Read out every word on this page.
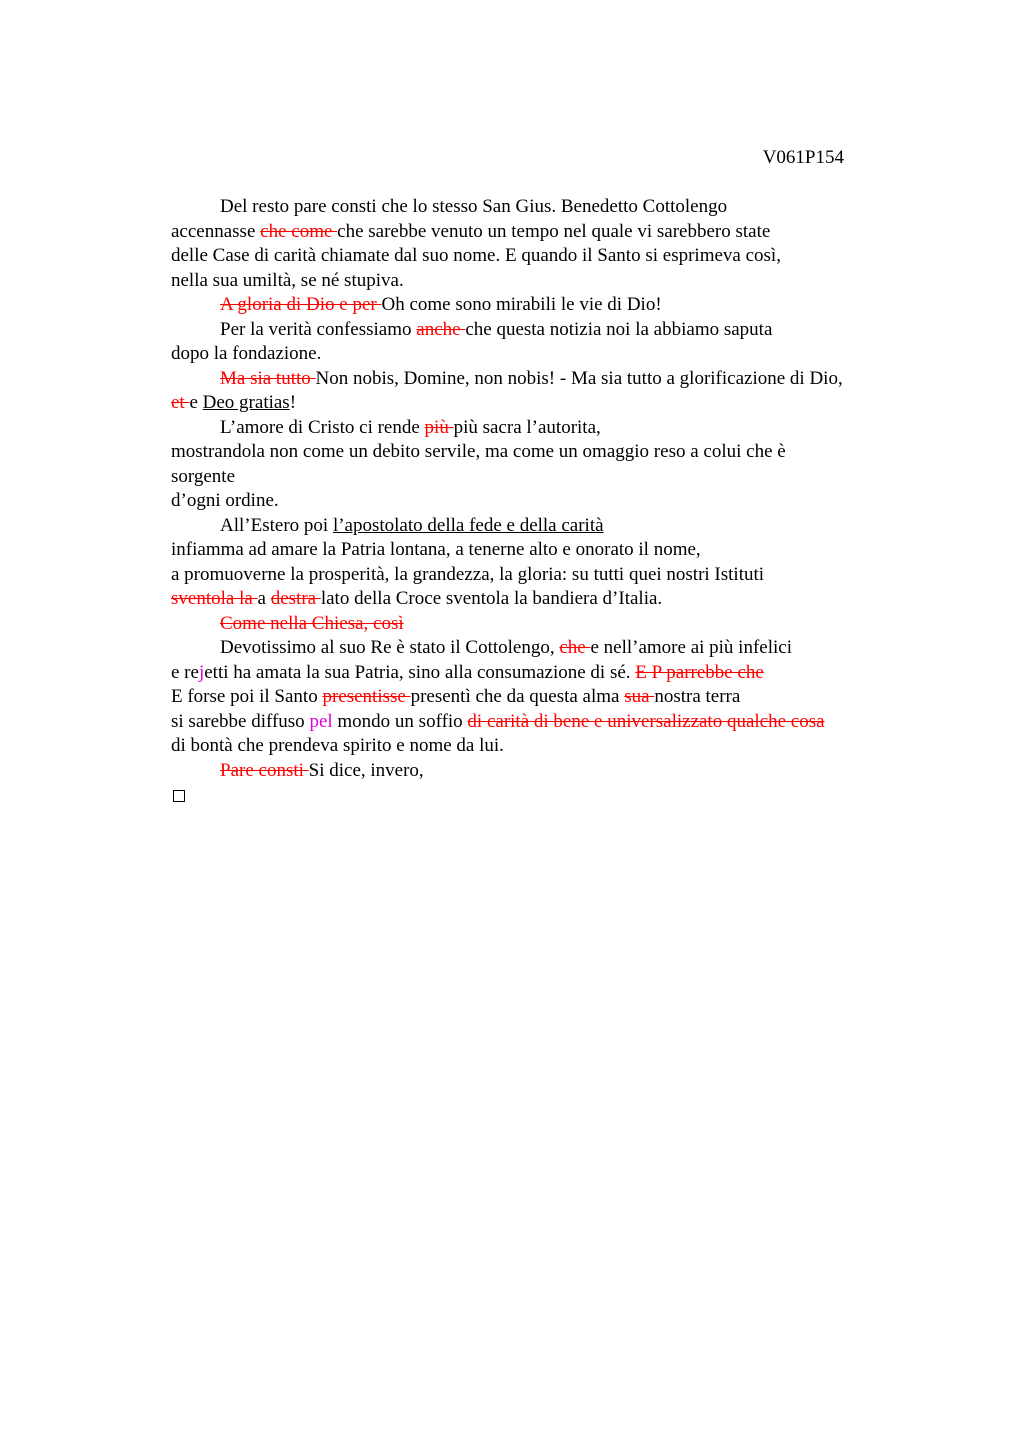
V061P154
Del resto pare consti che lo stesso San Gius. Benedetto Cottolengo
accennasse che come che sarebbe venuto un tempo nel quale vi sarebbero state
delle Case di carità chiamate dal suo nome. E quando il Santo si esprimeva così,
nella sua umiltà, se né stupiva.
A gloria di Dio e per Oh come sono mirabili le vie di Dio!
Per la verità confessiamo anche che questa notizia noi la abbiamo saputa
dopo la fondazione.
Ma sia tutto Non nobis, Domine, non nobis! - Ma sia tutto a glorificazione di Dio,
et e Deo gratias!
L’amore di Cristo ci rende più più sacra l’autorita,
mostrandola non come un debito servile, ma come un omaggio reso a colui che è
sorgente
d’ogni ordine.
All’Estero poi l’apostolato della fede e della carità
infiamma ad amare la Patria lontana, a tenerne alto e onorato il nome,
a promuoverne la prosperità, la grandezza, la gloria: su tutti quei nostri Istituti
sventola la a destra lato della Croce sventola la bandiera d’Italia.
Come nella Chiesa, così
Devotissimo al suo Re è stato il Cottolengo, che e nell’amore ai più infelici
e rejetti ha amata la sua Patria, sino alla consumazione di sé. E P parrebbe che
E forse poi il Santo presentisse presentì che da questa alma sua nostra terra
si sarebbe diffuso pel mondo un soffio di carità di bene e universalizzato qualche cosa
di bontà che prendeva spirito e nome da lui.
Pare consti Si dice, invero,
